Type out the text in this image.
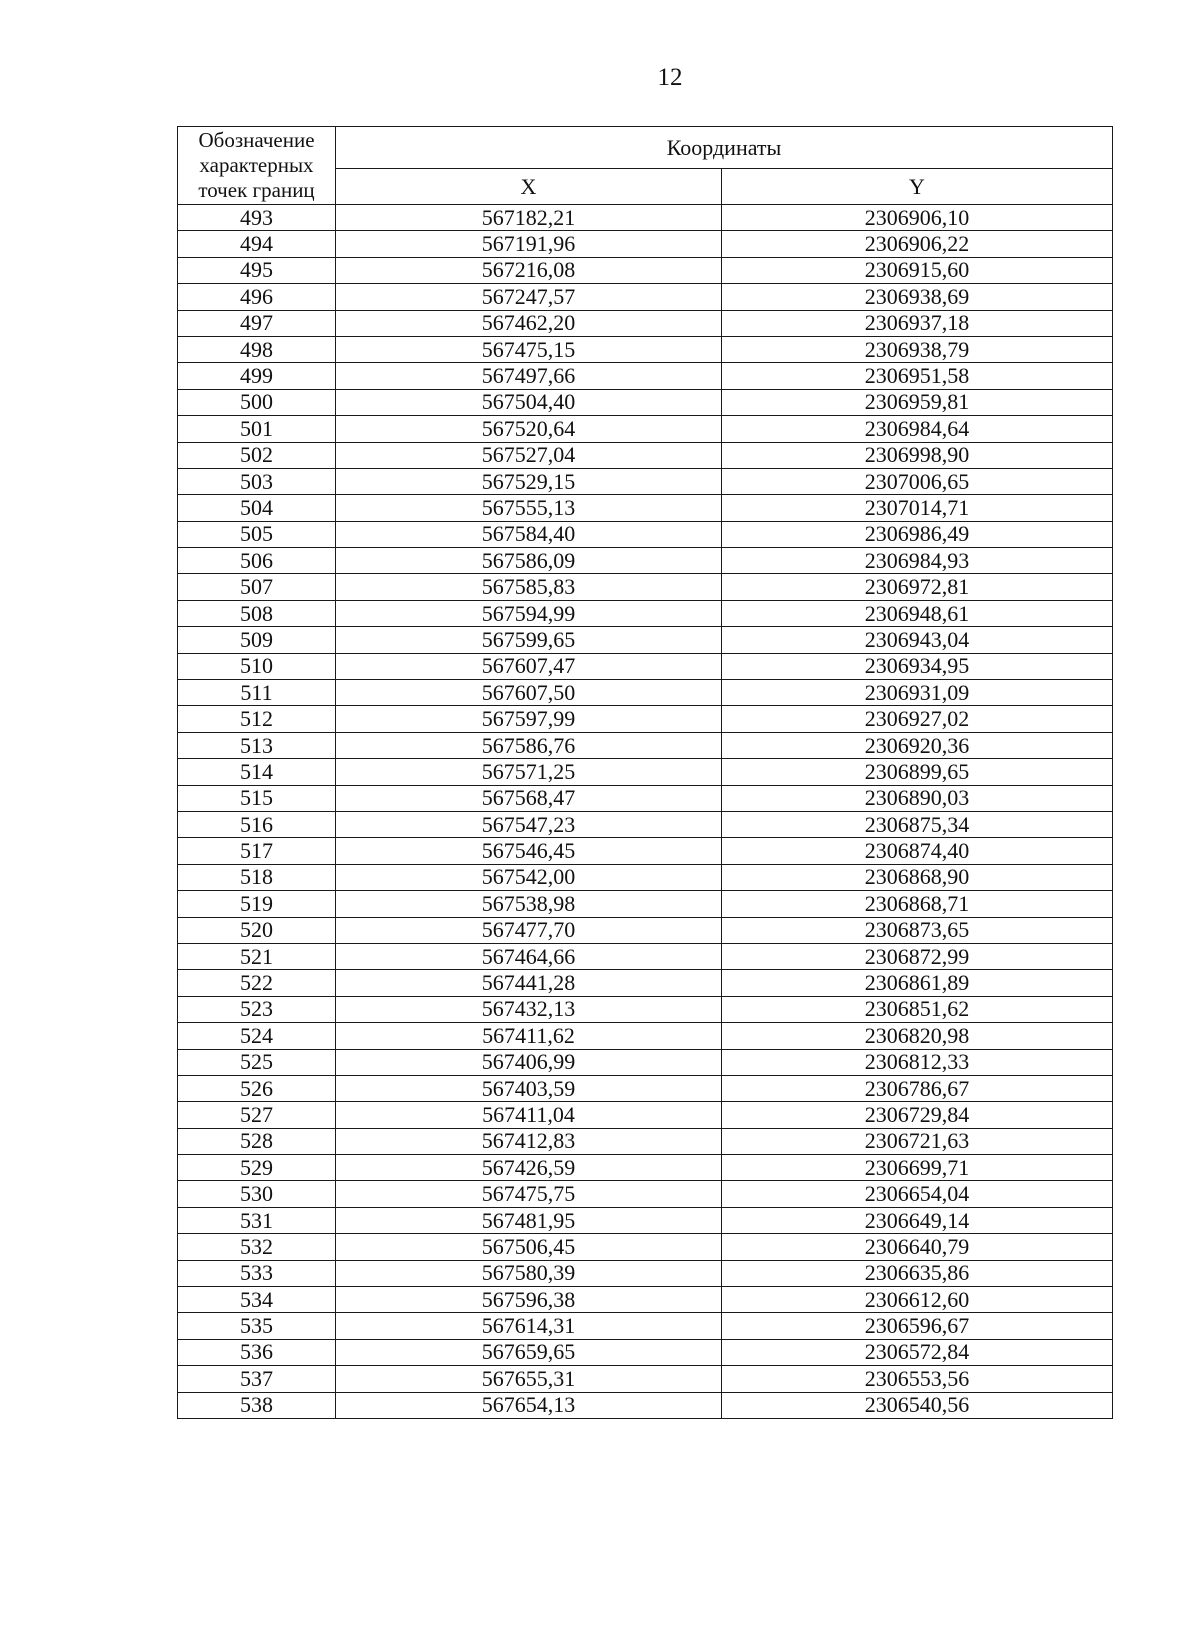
12
Обозначение характерных точек границ	Координаты	
	X	Y
493	567182,21	2306906,10
494	567191,96	2306906,22
495	567216,08	2306915,60
496	567247,57	2306938,69
497	567462,20	2306937,18
498	567475,15	2306938,79
499	567497,66	2306951,58
500	567504,40	2306959,81
501	567520,64	2306984,64
502	567527,04	2306998,90
503	567529,15	2307006,65
504	567555,13	2307014,71
505	567584,40	2306986,49
506	567586,09	2306984,93
507	567585,83	2306972,81
508	567594,99	2306948,61
509	567599,65	2306943,04
510	567607,47	2306934,95
511	567607,50	2306931,09
512	567597,99	2306927,02
513	567586,76	2306920,36
514	567571,25	2306899,65
515	567568,47	2306890,03
516	567547,23	2306875,34
517	567546,45	2306874,40
518	567542,00	2306868,90
519	567538,98	2306868,71
520	567477,70	2306873,65
521	567464,66	2306872,99
522	567441,28	2306861,89
523	567432,13	2306851,62
524	567411,62	2306820,98
525	567406,99	2306812,33
526	567403,59	2306786,67
527	567411,04	2306729,84
528	567412,83	2306721,63
529	567426,59	2306699,71
530	567475,75	2306654,04
531	567481,95	2306649,14
532	567506,45	2306640,79
533	567580,39	2306635,86
534	567596,38	2306612,60
535	567614,31	2306596,67
536	567659,65	2306572,84
537	567655,31	2306553,56
538	567654,13	2306540,56
